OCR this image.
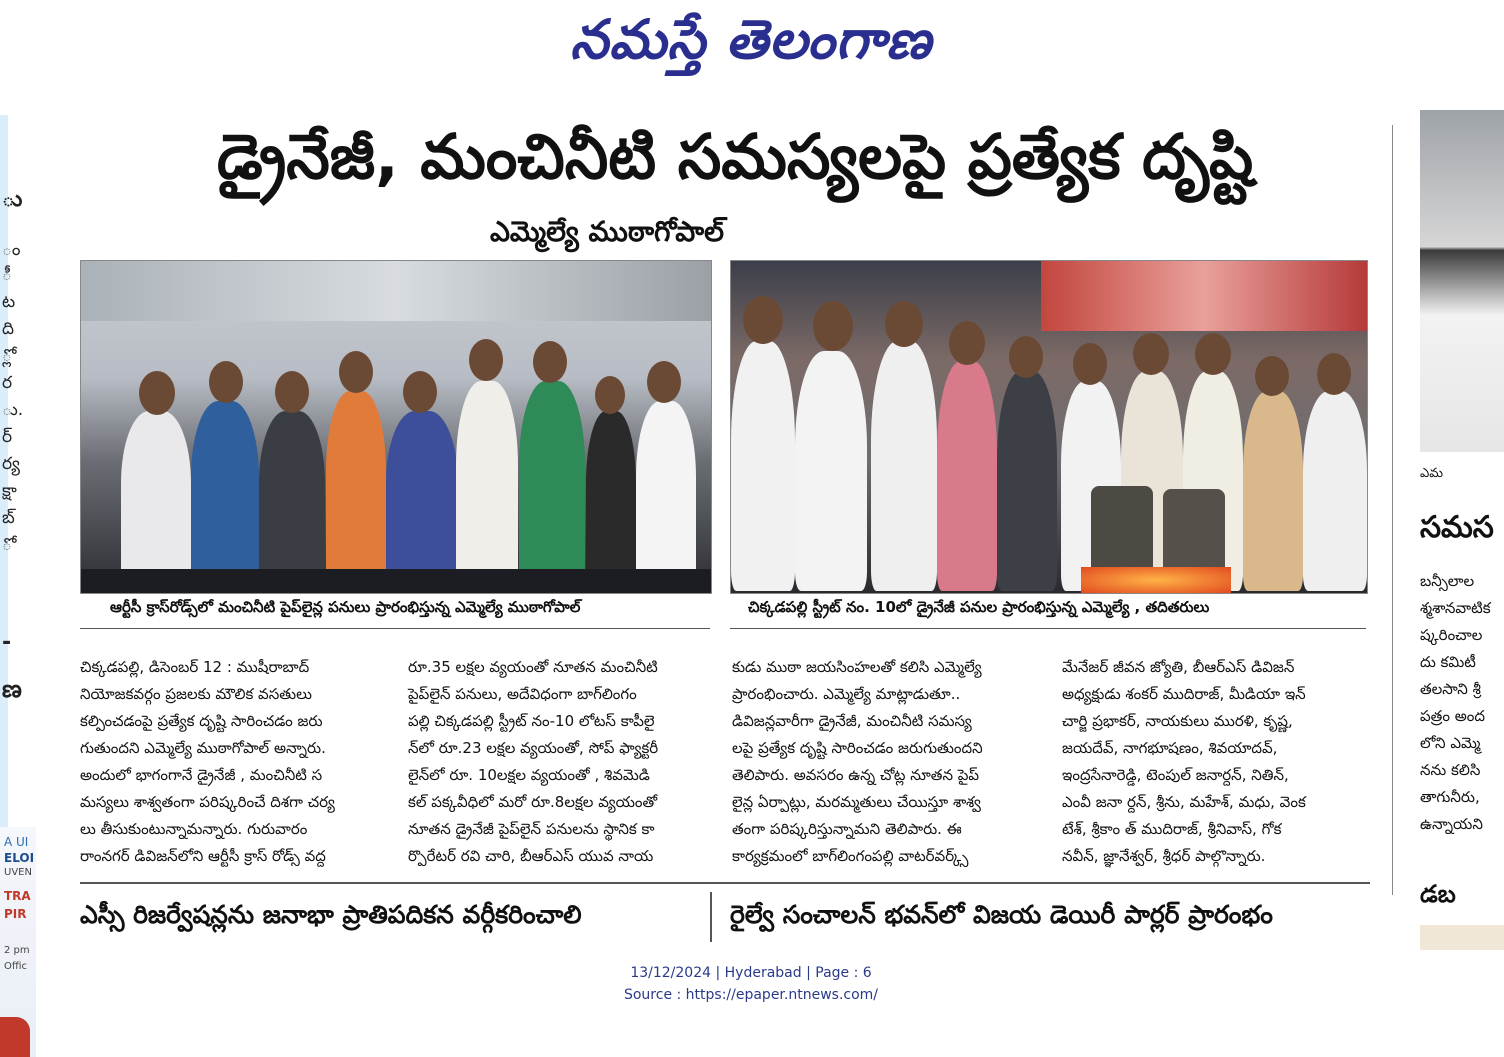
నమస్తే తెలంగాణ
ు
ం
ీ
ట
ది
్లో
ర
ు.
ర్
ర్య
క్షా
బ్
ో
-
ణ
A UI
ELOI
UVEN
TRA
PIR
2 pm
Offic
డ్రైనేజీ, మంచినీటి సమస్యలపై ప్రత్యేక దృష్టి
ఎమ్మెల్యే ముఠాగోపాల్
ఆర్టీసీ క్రాస్‌రోడ్స్‌లో మంచినీటి పైప్‌లైన్ల పనులు ప్రారంభిస్తున్న ఎమ్మెల్యే ముఠాగోపాల్	చిక్కడపల్లి స్ట్రీట్ నం. 10లో డ్రైనేజీ పనుల ప్రారంభిస్తున్న ఎమ్మెల్యే , తదితరులు

చిక్కడపల్లి, డిసెంబర్ 12 : ముషీరాబాద్

నియోజకవర్గం ప్రజలకు మౌలిక వసతులు

కల్పించడంపై ప్రత్యేక దృష్టి సారించడం జరు

గుతుందని ఎమ్మెల్యే ముఠాగోపాల్ అన్నారు.

అందులో భాగంగానే డ్రైనేజీ , మంచినీటి స

మస్యలు శాశ్వతంగా పరిష్కరించే దిశగా చర్య

లు తీసుకుంటున్నామన్నారు. గురువారం

రాంనగర్ డివిజన్‌లోని ఆర్టీసీ క్రాస్ రోడ్స్ వద్ద

రూ.35 లక్షల వ్యయంతో నూతన మంచినీటి

పైప్‌లైన్ పనులు, అదేవిధంగా బాగ్‌లింగం

పల్లి చిక్కడపల్లి స్ట్రీట్ నం-10 లోటస్ కాపీలై

న్‌లో రూ.23 లక్షల వ్యయంతో, సోప్ ఫ్యాక్టరీ

లైన్‌లో రూ. 10లక్షల వ్యయంతో , శివమెడి

కల్ పక్కవీధిలో మరో రూ.8లక్షల వ్యయంతో

నూతన డ్రైనేజీ పైప్‌లైన్ పనులను స్థానిక కా

ర్పొరేటర్ రవి చారి, బీఆర్ఎస్ యువ నాయ

కుడు ముఠా జయసింహలతో కలిసి ఎమ్మెల్యే

ప్రారంభించారు. ఎమ్మెల్యే మాట్లాడుతూ..

డివిజన్లవారీగా డ్రైనేజీ, మంచినీటి సమస్య

లపై ప్రత్యేక దృష్టి సారించడం జరుగుతుందని

తెలిపారు. అవసరం ఉన్న చోట్ల నూతన పైప్

లైన్ల ఏర్పాట్లు, మరమ్మతులు చేయిస్తూ శాశ్వ

తంగా పరిష్కరిస్తున్నామని తెలిపారు. ఈ

కార్యక్రమంలో బాగ్‌లింగంపల్లి వాటర్‌వర్క్స్

మేనేజర్ జీవన జ్యోతి, బీఆర్ఎస్ డివిజన్

అధ్యక్షుడు శంకర్ ముదిరాజ్, మీడియా ఇన్

చార్జి ప్రభాకర్, నాయకులు మురళి, కృష్ణ,

జయదేవ్, నాగభూషణం, శివయాదవ్,

ఇంద్రసేనారెడ్డి, టెంపుల్ జనార్దన్, నితిన్,

ఎంవీ జనా ర్దన్, శ్రీను, మహేశ్, మధు, వెంక

టేశ్, శ్రీకాం త్ ముదిరాజ్, శ్రీనివాస్, గోక

నవీన్, జ్ఞానేశ్వర్, శ్రీధర్ పాల్గొన్నారు.

ఎస్సీ రిజర్వేషన్లను జనాభా ప్రాతిపదికన వర్గీకరించాలి	రైల్వే సంచాలన్ భవన్‌లో విజయ డెయిరీ పార్లర్ ప్రారంభం
ఎమ
సమస
బన్సీలాల
శ్మశానవాటిక
ష్కరించాల
దు కమిటీ
తలసాని శ్రీ
పత్రం అంద
లోని ఎమ్మె
నను కలిసి
తాగునీరు,
ఉన్నాయని
డబ
13/12/2024 | Hyderabad | Page : 6
Source : https://epaper.ntnews.com/
